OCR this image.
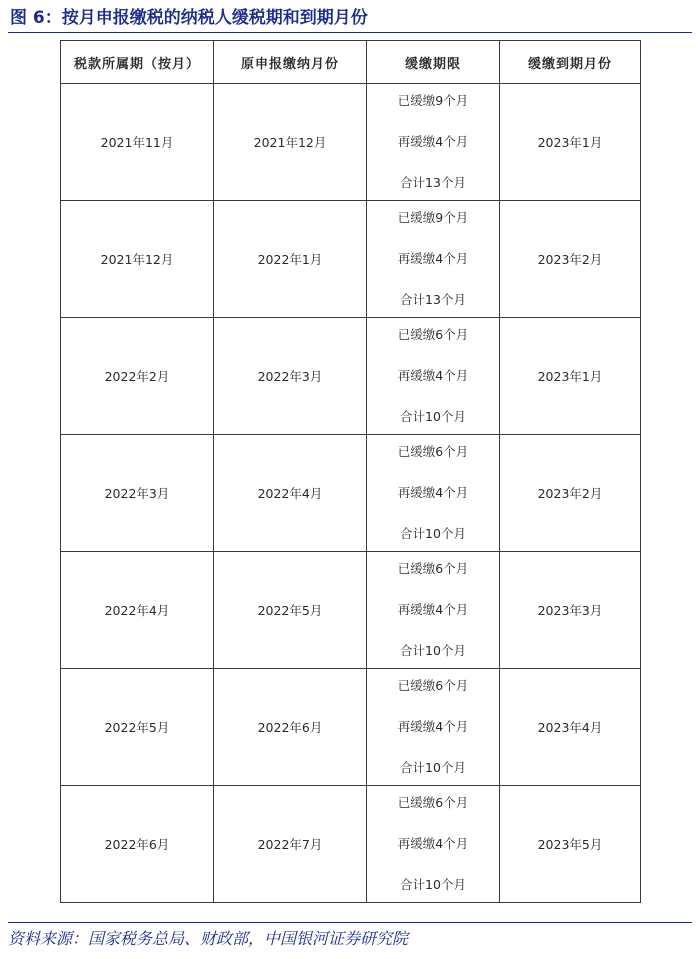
图 6：按月申报缴税的纳税人缓税期和到期月份
税款所属期（按月）	原申报缴纳月份	缓缴期限	缓缴到期月份
2021年11月	2021年12月	已缓缴9个月
再缓缴4个月
合计13个月	2023年1月
2021年12月	2022年1月	已缓缴9个月
再缓缴4个月
合计13个月	2023年2月
2022年2月	2022年3月	已缓缴6个月
再缓缴4个月
合计10个月	2023年1月
2022年3月	2022年4月	已缓缴6个月
再缓缴4个月
合计10个月	2023年2月
2022年4月	2022年5月	已缓缴6个月
再缓缴4个月
合计10个月	2023年3月
2022年5月	2022年6月	已缓缴6个月
再缓缴4个月
合计10个月	2023年4月
2022年6月	2022年7月	已缓缴6个月
再缓缴4个月
合计10个月	2023年5月
资料来源：国家税务总局、财政部，中国银河证券研究院
